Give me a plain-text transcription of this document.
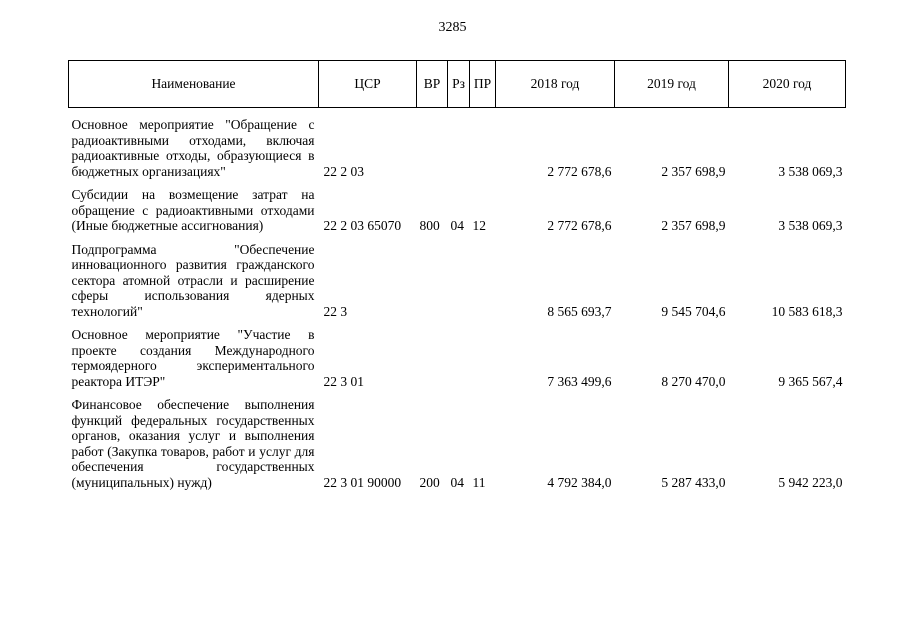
3285
Наименование	ЦСР	ВР	Рз	ПР	2018 год	2019 год	2020 год
Основное мероприятие "Обращение с радиоактивными отходами, включая радиоактивные отходы, образующиеся в бюджетных организациях"	22 2 03				2 772 678,6	2 357 698,9	3 538 069,3
Субсидии на возмещение затрат на обращение с радиоактивными отходами (Иные бюджетные ассигнования)	22 2 03 65070	800	04	12	2 772 678,6	2 357 698,9	3 538 069,3
Подпрограмма "Обеспечение инновационного развития гражданского сектора атомной отрасли и расширение сферы использования ядерных технологий"	22 3				8 565 693,7	9 545 704,6	10 583 618,3
Основное мероприятие "Участие в проекте создания Международного термоядерного экспериментального реактора ИТЭР"	22 3 01				7 363 499,6	8 270 470,0	9 365 567,4
Финансовое обеспечение выполнения функций федеральных государственных органов, оказания услуг и выполнения работ (Закупка товаров, работ и услуг для обеспечения государственных (муниципальных) нужд)	22 3 01 90000	200	04	11	4 792 384,0	5 287 433,0	5 942 223,0
